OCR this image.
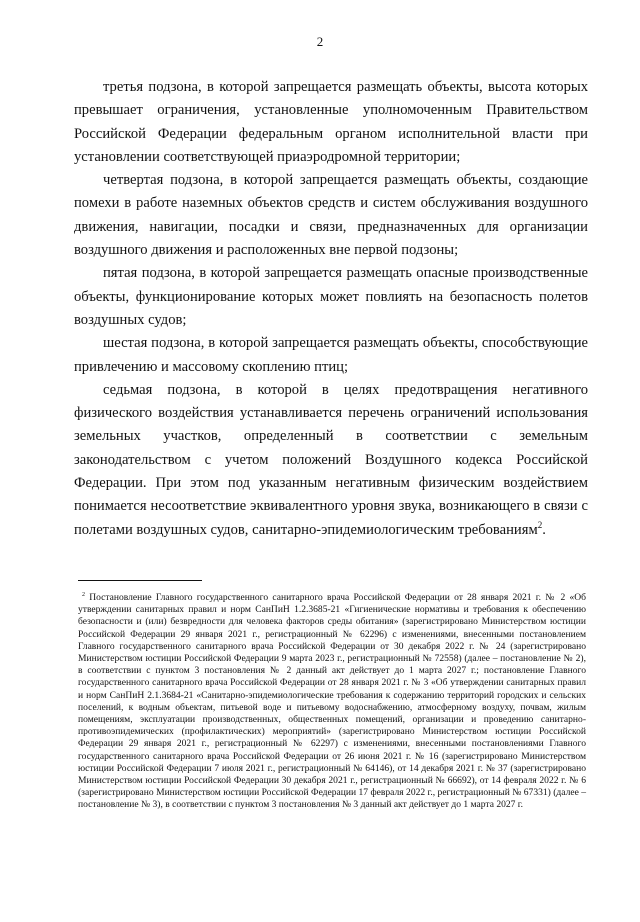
2

третья подзона, в которой запрещается размещать объекты, высота которых превышает ограничения, установленные уполномоченным Правительством Российской Федерации федеральным органом исполнительной власти при установлении соответствующей приаэродромной территории;

четвертая подзона, в которой запрещается размещать объекты, создающие помехи в работе наземных объектов средств и систем обслуживания воздушного движения, навигации, посадки и связи, предназначенных для организации воздушного движения и расположенных вне первой подзоны;

пятая подзона, в которой запрещается размещать опасные производственные объекты, функционирование которых может повлиять на безопасность полетов воздушных судов;

шестая подзона, в которой запрещается размещать объекты, способствующие привлечению и массовому скоплению птиц;

седьмая подзона, в которой в целях предотвращения негативного физического воздействия устанавливается перечень ограничений использования земельных участков, определенный в соответствии с земельным законодательством с учетом положений Воздушного кодекса Российской Федерации. При этом под указанным негативным физическим воздействием понимается несоответствие эквивалентного уровня звука, возникающего в связи с полетами воздушных судов, санитарно-эпидемиологическим требованиям$^2$.

$^2$ Постановление Главного государственного санитарного врача Российской Федерации от 28 января 2021 г. № 2 «Об утверждении санитарных правил и норм СанПиН 1.2.3685-21 «Гигиенические нормативы и требования к обеспечению безопасности и (или) безвредности для человека факторов среды обитания» (зарегистрировано Министерством юстиции Российской Федерации 29 января 2021 г., регистрационный № 62296) с изменениями, внесенными постановлением Главного государственного санитарного врача Российской Федерации от 30 декабря 2022 г. № 24 (зарегистрировано Министерством юстиции Российской Федерации 9 марта 2023 г., регистрационный № 72558) (далее – постановление № 2), в соответствии с пунктом 3 постановления № 2 данный акт действует до 1 марта 2027 г.; постановление Главного государственного санитарного врача Российской Федерации от 28 января 2021 г. № 3 «Об утверждении санитарных правил и норм СанПиН 2.1.3684-21 «Санитарно-эпидемиологические требования к содержанию территорий городских и сельских поселений, к водным объектам, питьевой воде и питьевому водоснабжению, атмосферному воздуху, почвам, жилым помещениям, эксплуатации производственных, общественных помещений, организации и проведению санитарно-противоэпидемических (профилактических) мероприятий» (зарегистрировано Министерством юстиции Российской Федерации 29 января 2021 г., регистрационный № 62297) с изменениями, внесенными постановлениями Главного государственного санитарного врача Российской Федерации от 26 июня 2021 г. № 16 (зарегистрировано Министерством юстиции Российской Федерации 7 июля 2021 г., регистрационный № 64146), от 14 декабря 2021 г. № 37 (зарегистрировано Министерством юстиции Российской Федерации 30 декабря 2021 г., регистрационный № 66692), от 14 февраля 2022 г. № 6 (зарегистрировано Министерством юстиции Российской Федерации 17 февраля 2022 г., регистрационный № 67331) (далее – постановление № 3), в соответствии с пунктом 3 постановления № 3 данный акт действует до 1 марта 2027 г.
